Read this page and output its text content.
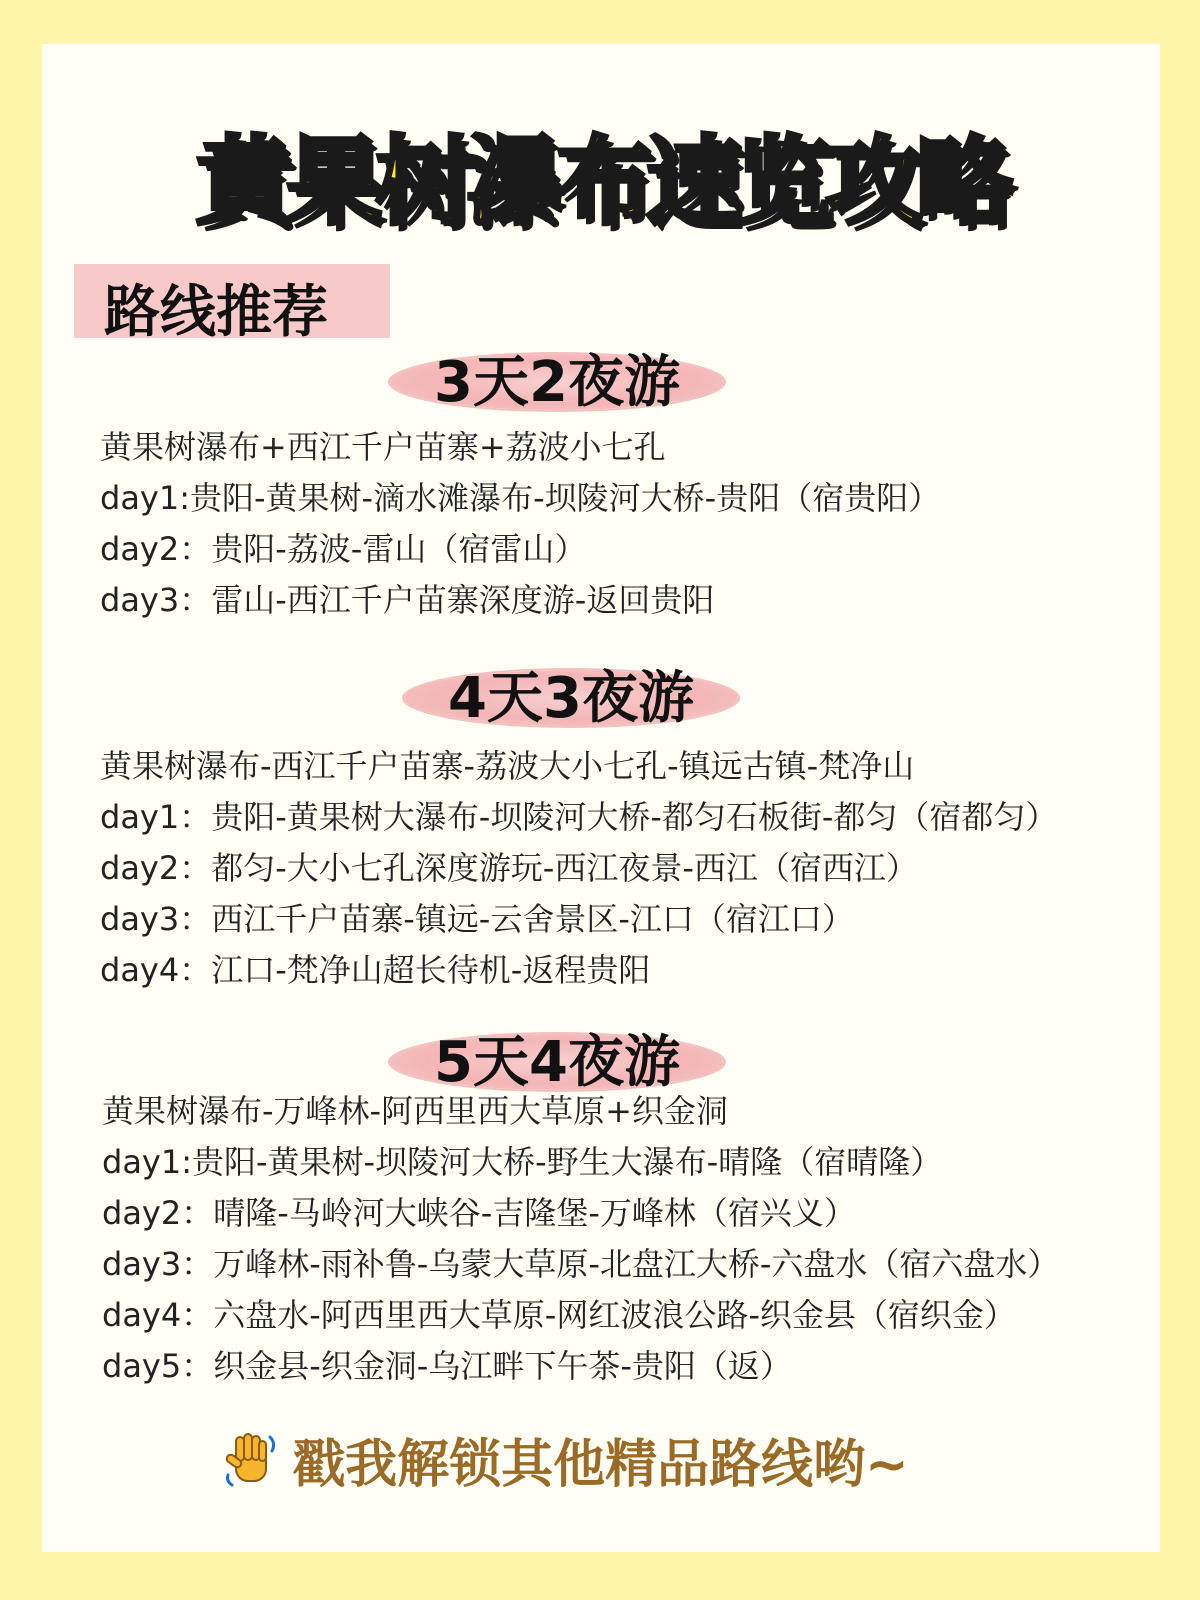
黄果树瀑布速览攻略
路线推荐
3天2夜游
黄果树瀑布+西江千户苗寨+荔波小七孔
day1:贵阳-黄果树-滴水滩瀑布-坝陵河大桥-贵阳（宿贵阳）
day2：贵阳-荔波-雷山（宿雷山）
day3：雷山-西江千户苗寨深度游-返回贵阳
4天3夜游
黄果树瀑布-西江千户苗寨-荔波大小七孔-镇远古镇-梵净山
day1：贵阳-黄果树大瀑布-坝陵河大桥-都匀石板街-都匀（宿都匀）
day2：都匀-大小七孔深度游玩-西江夜景-西江（宿西江）
day3：西江千户苗寨-镇远-云舍景区-江口（宿江口）
day4：江口-梵净山超长待机-返程贵阳
5天4夜游
黄果树瀑布-万峰林-阿西里西大草原+织金洞
day1:贵阳-黄果树-坝陵河大桥-野生大瀑布-晴隆（宿晴隆）
day2：晴隆-马岭河大峡谷-吉隆堡-万峰林（宿兴义）
day3：万峰林-雨补鲁-乌蒙大草原-北盘江大桥-六盘水（宿六盘水）
day4：六盘水-阿西里西大草原-网红波浪公路-织金县（宿织金）
day5：织金县-织金洞-乌江畔下午茶-贵阳（返）
戳我解锁其他精品路线哟~
